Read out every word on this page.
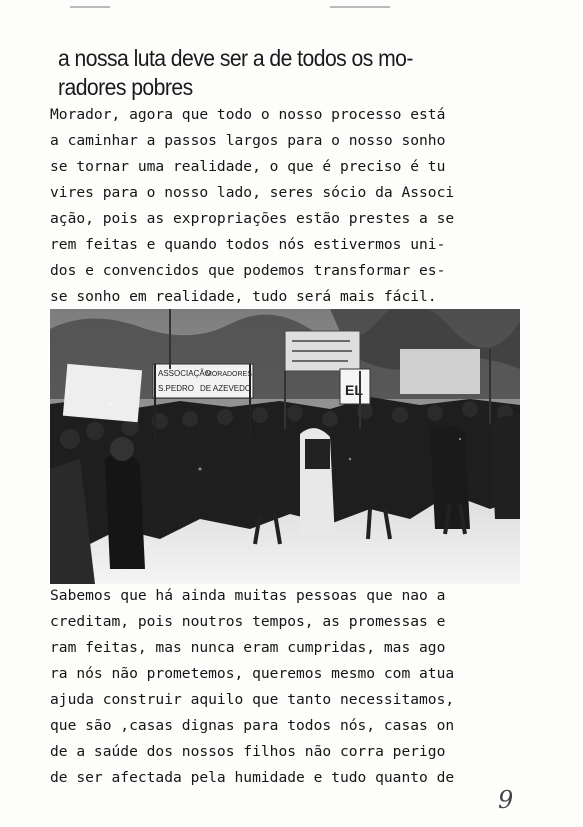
a nossa luta deve ser a de todos os mo-
radores pobres
Morador, agora que todo o nosso processo está
a caminhar a passos largos para o nosso sonho
se tornar uma realidade, o que é preciso é tu
vires para o nosso lado, seres sócio da Associ
ação, pois as expropriações estão prestes a se
rem feitas e quando todos nós estivermos uni-
dos e convencidos que podemos transformar es-
se sonho em realidade, tudo será mais fácil.
ASSOCIAÇÃO
S.PEDRO
MORADORES
DE AZEVEDO	EL
Sabemos que há ainda muitas pessoas que nao a
creditam, pois noutros tempos, as promessas e
ram feitas, mas nunca eram cumpridas, mas ago
ra nós não prometemos, queremos mesmo com atua
ajuda construir aquilo que tanto necessitamos,
que são ,casas dignas para todos nós, casas on
de a saúde dos nossos filhos não corra perigo
de ser afectada pela humidade e tudo quanto de
9
